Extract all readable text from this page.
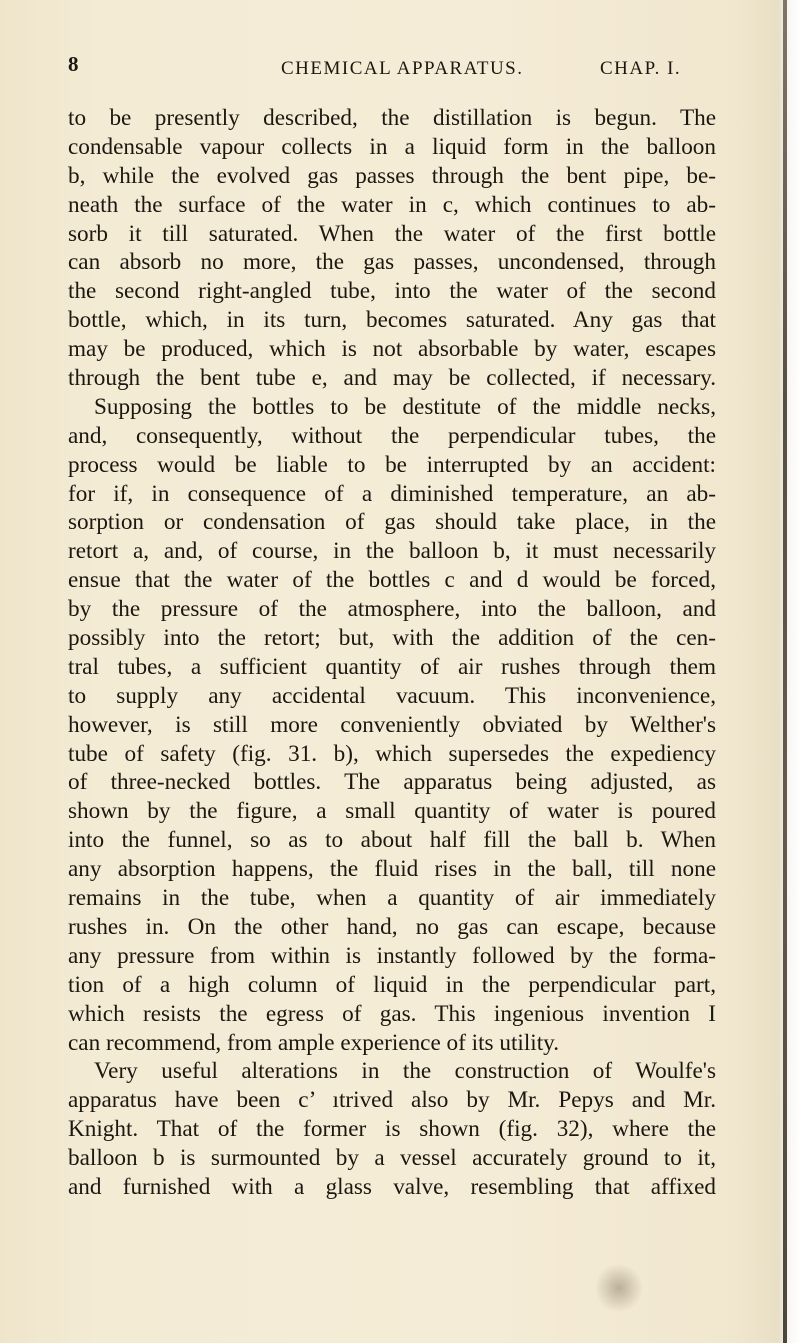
8	CHEMICAL APPARATUS.	CHAP. I.
to be presently described, the distillation is begun. The
condensable vapour collects in a liquid form in the balloon
b, while the evolved gas passes through the bent pipe, be-
neath the surface of the water in c, which continues to ab-
sorb it till saturated. When the water of the first bottle
can absorb no more, the gas passes, uncondensed, through
the second right-angled tube, into the water of the second
bottle, which, in its turn, becomes saturated. Any gas that
may be produced, which is not absorbable by water, escapes
through the bent tube e, and may be collected, if necessary.
Supposing the bottles to be destitute of the middle necks,
and, consequently, without the perpendicular tubes, the
process would be liable to be interrupted by an accident:
for if, in consequence of a diminished temperature, an ab-
sorption or condensation of gas should take place, in the
retort a, and, of course, in the balloon b, it must necessarily
ensue that the water of the bottles c and d would be forced,
by the pressure of the atmosphere, into the balloon, and
possibly into the retort; but, with the addition of the cen-
tral tubes, a sufficient quantity of air rushes through them
to supply any accidental vacuum. This inconvenience,
however, is still more conveniently obviated by Welther's
tube of safety (fig. 31. b), which supersedes the expediency
of three-necked bottles. The apparatus being adjusted, as
shown by the figure, a small quantity of water is poured
into the funnel, so as to about half fill the ball b. When
any absorption happens, the fluid rises in the ball, till none
remains in the tube, when a quantity of air immediately
rushes in. On the other hand, no gas can escape, because
any pressure from within is instantly followed by the forma-
tion of a high column of liquid in the perpendicular part,
which resists the egress of gas. This ingenious invention I
can recommend, from ample experience of its utility.
Very useful alterations in the construction of Woulfe's
apparatus have been c’ ıtrived also by Mr. Pepys and Mr.
Knight. That of the former is shown (fig. 32), where the
balloon b is surmounted by a vessel accurately ground to it,
and furnished with a glass valve, resembling that affixed
